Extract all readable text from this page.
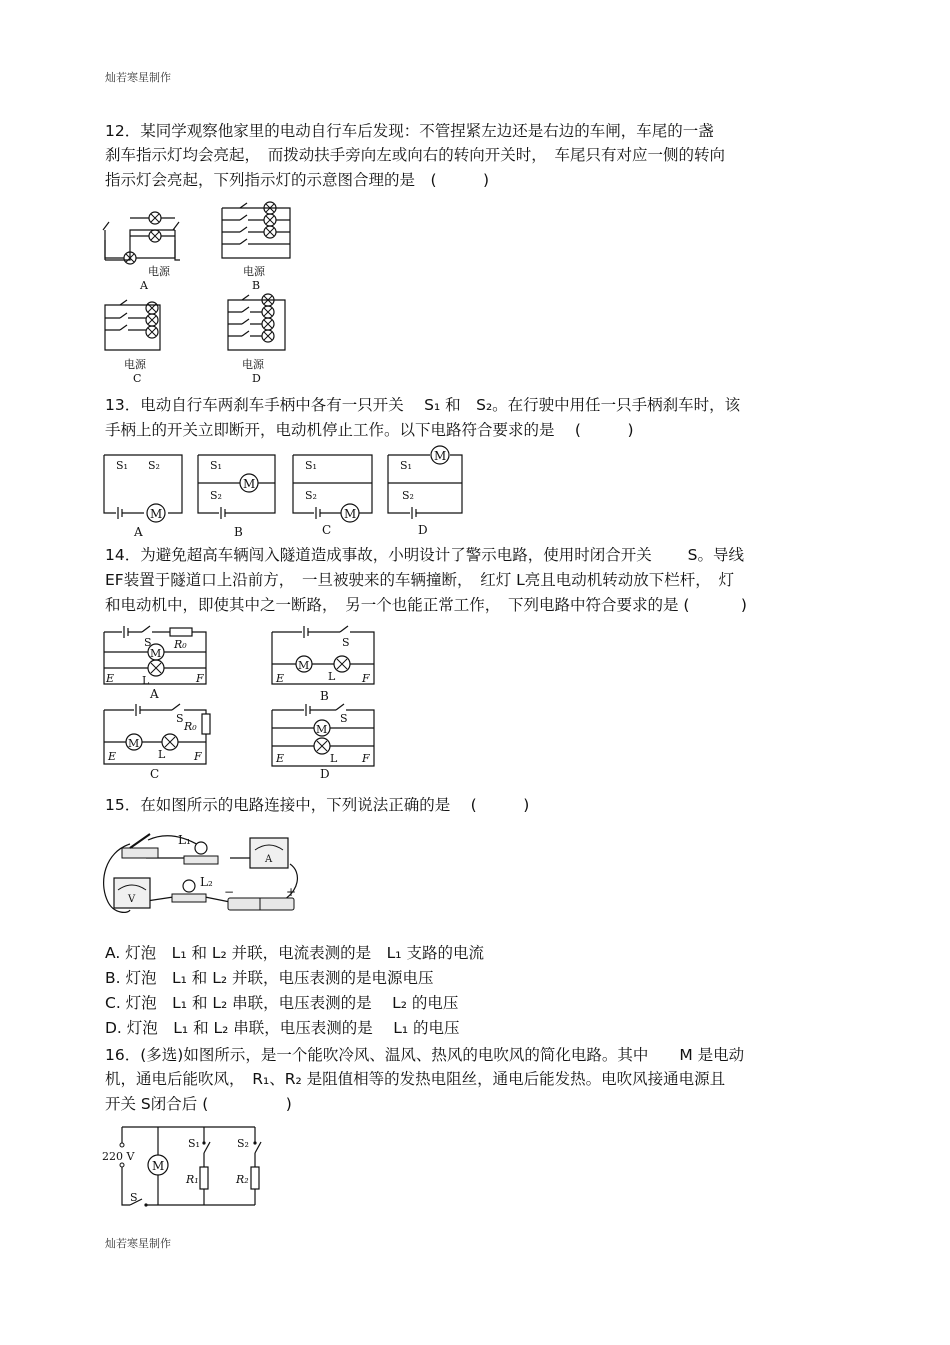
灿若寒星制作
12．某同学观察他家里的电动自行车后发现：不管捏紧左边还是右边的车闸，车尾的一盏
刹车指示灯均会亮起，　而拨动扶手旁向左或向右的转向开关时，　车尾只有对应一侧的转向
指示灯会亮起，下列指示灯的示意图合理的是　(　　　)
电源
A
电源
B
电源
C
电源
D
13．电动自行车两刹车手柄中各有一只开关　 S₁ 和　S₂。在行驶中用任一只手柄刹车时，该
手柄上的开关立即断开，电动机停止工作。以下电路符合要求的是　 (　　　)
M
S₁ S₂
A
M
S₁
S₂
B
M
S₁
S₂
C
M
S₁
S₂
D
14．为避免超高车辆闯入隧道造成事故，小明设计了警示电路，使用时闭合开关　　 S。导线
EF装置于隧道口上沿前方，　一旦被驶来的车辆撞断，　红灯 L亮且电动机转动放下栏杆，　灯
和电动机中，即使其中之一断路，　另一个也能正常工作，　下列电路中符合要求的是 (　　　 )
M
S R₀
E	L	F
A
M
S
E	L F
B
M
S
R₀
E	L	F
C
M
S
E	L F
D
15．在如图所示的电路连接中，下列说法正确的是　 (　　　)
L₁
A
V
L₂
−	+
A. 灯泡　L₁ 和 L₂ 并联，电流表测的是　L₁ 支路的电流
B. 灯泡　L₁ 和 L₂ 并联，电压表测的是电源电压
C. 灯泡　L₁ 和 L₂ 串联，电压表测的是　 L₂ 的电压
D. 灯泡　L₁ 和 L₂ 串联，电压表测的是　 L₁ 的电压
16．(多选)如图所示，是一个能吹冷风、温风、热风的电吹风的简化电路。其中　　M 是电动
机，通电后能吹风，　R₁、R₂ 是阻值相等的发热电阻丝，通电后能发热。电吹风接通电源且
开关 S闭合后 (　　　　　)
220 V
M
S
S₁
R₁
S₂
R₂
灿若寒星制作
